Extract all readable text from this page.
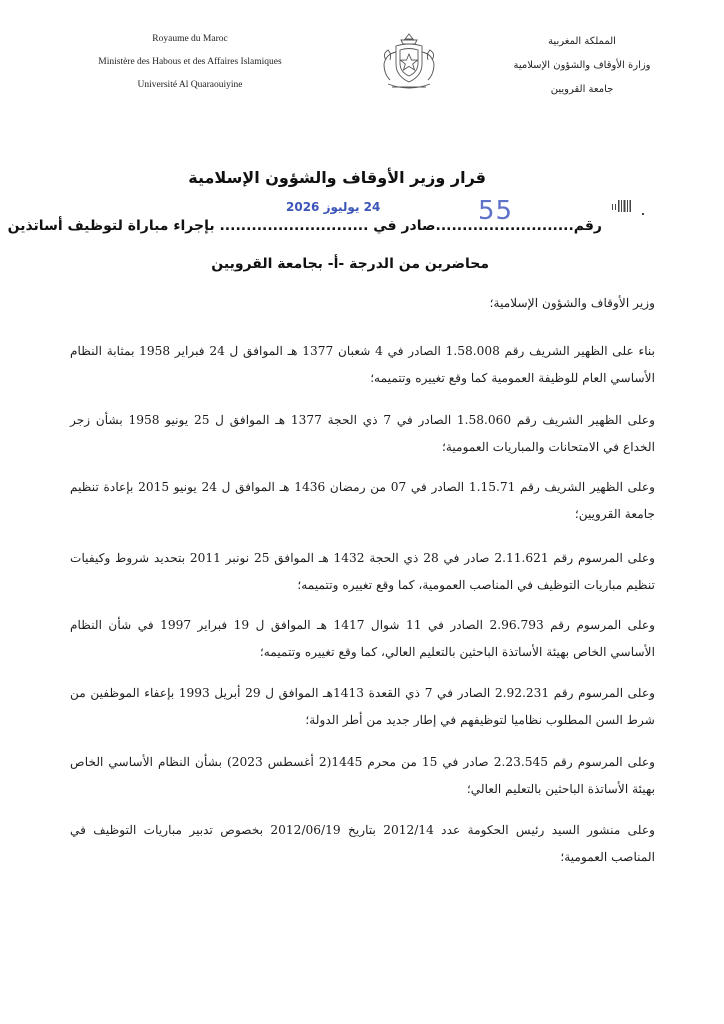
Royaume du Maroc
Ministère des Habous et des Affaires Islamiques
Université Al Quaraouiyine
المملكة المغربية
وزارة الأوقاف والشؤون الإسلامية
جامعة القرويين
قرار وزير الأوقاف والشؤون الإسلامية
55
24 يوليوز 2026
رقم..........................صادر في ............................ بإجراء مباراة لتوظيف أساتذين
محاضرين من الدرجة -أ- بجامعة القرويين
وزير الأوقاف والشؤون الإسلامية؛
بناء على الظهير الشريف رقم 1.58.008 الصادر في 4 شعبان 1377 هـ الموافق ل 24 فبراير 1958 بمثابة النظام الأساسي العام للوظيفة العمومية كما وقع تغييره وتتميمه؛
وعلى الظهير الشريف رقم 1.58.060 الصادر في 7 ذي الحجة 1377 هـ الموافق ل 25 يونيو 1958 بشأن زجر الخداع في الامتحانات والمباريات العمومية؛
وعلى الظهير الشريف رقم 1.15.71 الصادر في 07 من رمضان 1436 هـ الموافق ل 24 يونيو 2015 بإعادة تنظيم جامعة القرويين؛
وعلى المرسوم رقم 2.11.621 صادر في 28 ذي الحجة 1432 هـ الموافق 25 نونبر 2011 بتحديد شروط وكيفيات تنظيم مباريات التوظيف في المناصب العمومية، كما وقع تغييره وتتميمه؛
وعلى المرسوم رقم 2.96.793 الصادر في 11 شوال 1417 هـ الموافق ل 19 فبراير 1997 في شأن النظام الأساسي الخاص بهيئة الأساتذة الباحثين بالتعليم العالي، كما وقع تغييره وتتميمه؛
وعلى المرسوم رقم 2.92.231 الصادر في 7 ذي القعدة 1413هـ الموافق ل 29 أبريل 1993 بإعفاء الموظفين من شرط السن المطلوب نظاميا لتوظيفهم في إطار جديد من أطر الدولة؛
وعلى المرسوم رقم 2.23.545 صادر في 15 من محرم 1445(2 أغسطس 2023) بشأن النظام الأساسي الخاص بهيئة الأساتذة الباحثين بالتعليم العالي؛
وعلى منشور السيد رئيس الحكومة عدد 2012/14 بتاريخ 2012/06/19 بخصوص تدبير مباريات التوظيف في المناصب العمومية؛
